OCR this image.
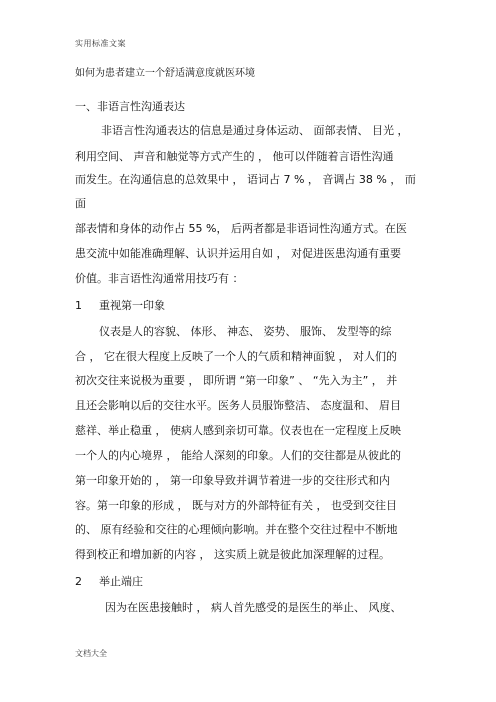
实用标准文案
如何为患者建立一个舒适满意度就医环境
一、非语言性沟通表达
非语言性沟通表达的信息是通过身体运动、 面部表情、 目光 ，
利用空间、 声音和触觉等方式产生的 ， 他可以伴随着言语性沟通
而发生。在沟通信息的总效果中 ， 语词占 7 % ， 音调占 38 % ， 而
面
部表情和身体的动作占 55 %， 后两者都是非语词性沟通方式。在医
患交流中如能准确理解、认识并运用自如 ， 对促进医患沟通有重要
价值。非言语性沟通常用技巧有 ：
1 重视第一印象
仪表是人的容貌、 体形、 神态、 姿势、 服饰、 发型等的综
合 ， 它在很大程度上反映了一个人的气质和精神面貌 ， 对人们的
初次交往来说极为重要 ， 即所谓 “第一印象” 、 “先入为主” ， 并
且还会影响以后的交往水平。医务人员服饰整洁、 态度温和、 眉目
慈祥、举止稳重 ， 使病人感到亲切可靠。仪表也在一定程度上反映
一个人的内心境界 ， 能给人深刻的印象。人们的交往都是从彼此的
第一印象开始的 ， 第一印象导致并调节着进一步的交往形式和内
容。第一印象的形成 ， 既与对方的外部特征有关 ， 也受到交往目
的、 原有经验和交往的心理倾向影响。并在整个交往过程中不断地
得到校正和增加新的内容 ， 这实质上就是彼此加深理解的过程。
2 举止端庄
因为在医患接触时 ， 病人首先感受的是医生的举止、 风度、
文档大全
